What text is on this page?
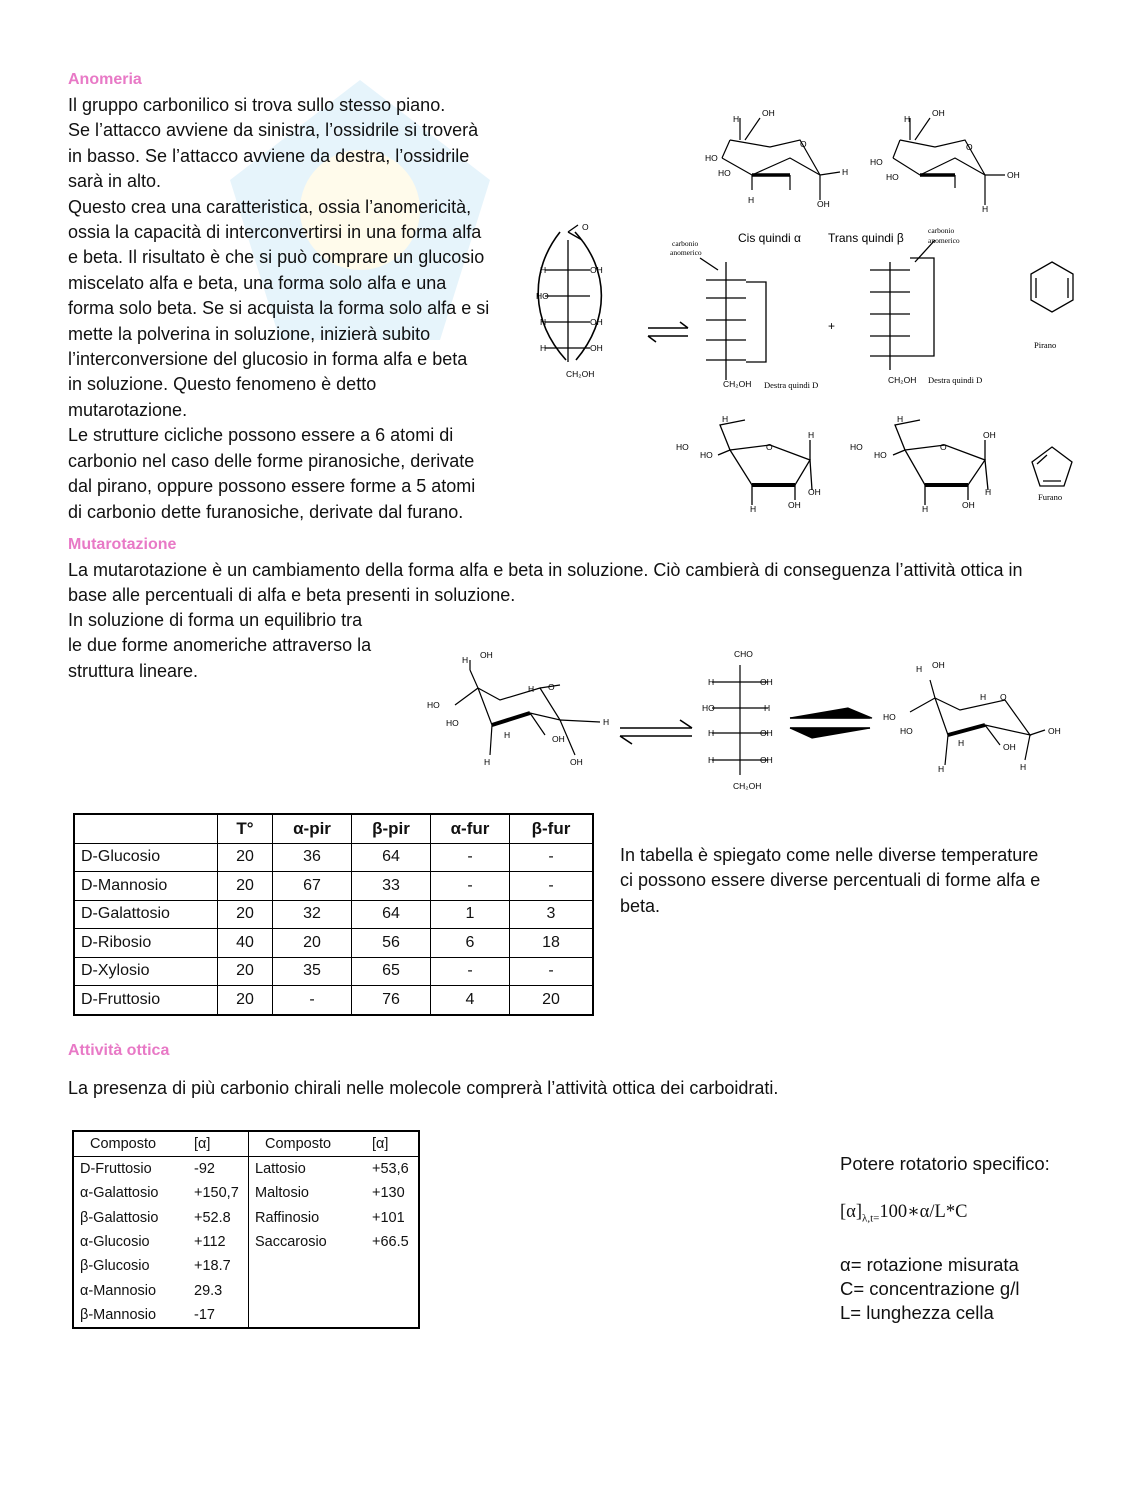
Anomeria
Il gruppo carbonilico si trova sullo stesso piano.
Se l’attacco avviene da sinistra, l’ossidrile si troverà
in basso. Se l’attacco avviene da destra, l’ossidrile
sarà in alto.
Questo crea una caratteristica, ossia l’anomericità,
ossia la capacità di interconvertirsi in una forma alfa
e beta. Il risultato è che si può comprare un glucosio
miscelato alfa e beta, una forma solo alfa e una
forma solo beta. Se si acquista la forma solo alfa e si
mette la polverina in soluzione, inizierà subito
l’interconversione del glucosio in forma alfa e beta
in soluzione. Questo fenomeno è detto
mutarotazione.
Le strutture cicliche possono essere a 6 atomi di
carbonio nel caso delle forme piranosiche, derivate
dal pirano, oppure possono essere forme a 5 atomi
di carbonio dette furanosiche, derivate dal furano.
H
OH
HO
HO
O
H
OH
H
H
OH
HO
HO
O
OH
H
O
H	OH
HO
H	OH
H	OH
CH₂OH
+
CH₂OH	CH₂OH
Pirano
Furano
carbonio
anomerico
carbonio
anomerico
Destra quindi D	Destra quindi D
HO
HO
H
O
H
OH
H	OH
HO
HO
H
O
OH
H
H	OH
Cis quindi α Trans quindi β
Mutarotazione
La mutarotazione è un cambiamento della forma alfa e beta in soluzione. Ciò cambierà di conseguenza l’attività ottica in
base alle percentuali di alfa e beta presenti in soluzione.
In soluzione di forma un equilibrio tra
le due forme anomeriche attraverso la
struttura lineare.
H OH
HO
HO
H O
H
OH
H
H	OH
CHO
H	OH
HO	H
H	OH
H	OH
CH₂OH
H OH
HO
HO
H O
OH
OH
H
H	H
	T°	α-pir	β-pir	α-fur	β-fur
D-Glucosio	20	36	64	-	-
D-Mannosio	20	67	33	-	-
D-Galattosio	20	32	64	1	3
D-Ribosio	40	20	56	6	18
D-Xylosio	20	35	65	-	-
D-Fruttosio	20	-	76	4	20
In tabella è spiegato come nelle diverse temperature
ci possono essere diverse percentuali di forme alfa e
beta.
Attività ottica

La presenza di più carbonio chirali nelle molecole comprerà l’attività ottica dei carboidrati.

Composto	[α]	Composto	[α]
D-Fruttosio	-92	Lattosio	+53,6
α-Galattosio	+150,7	Maltosio	+130
β-Galattosio	+52.8	Raffinosio	+101
α-Glucosio	+112	Saccarosio	+66.5
β-Glucosio	+18.7		
α-Mannosio	29.3		
β-Mannosio	-17		
Potere rotatorio specifico:
$[\alpha]_{\lambda,t=}100∗\alpha/L*C$
α= rotazione misurata
C= concentrazione g/l
L= lunghezza cella
